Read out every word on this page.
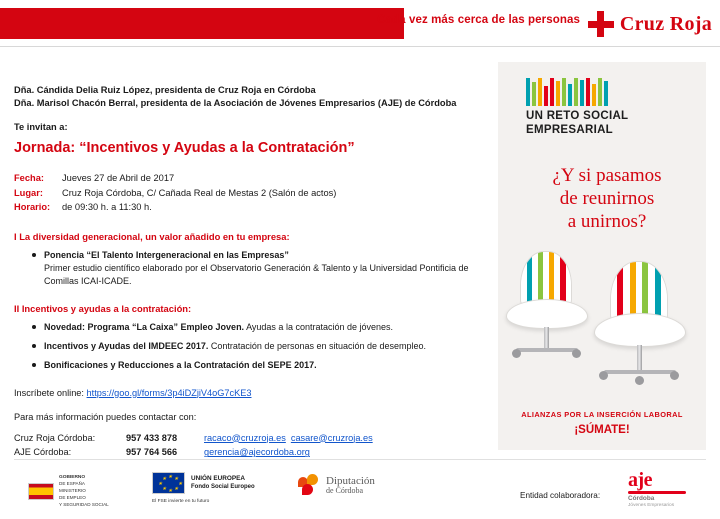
Cada vez más cerca de las personas Cruz Roja
Dña. Cándida Delia Ruiz López, presidenta de Cruz Roja en Córdoba
Dña. Marisol Chacón Berral, presidenta de la Asociación de Jóvenes Empresarios (AJE) de Córdoba
Te invitan a:
Jornada: “Incentivos y Ayudas a la Contratación”
Fecha: Jueves 27 de Abril de 2017
Lugar: Cruz Roja Córdoba, C/ Cañada Real de Mestas 2 (Salón de actos)
Horario: de 09:30 h. a 11:30 h.
I La diversidad generacional, un valor añadido en tu empresa:
Ponencia “El Talento Intergeneracional en las Empresas”
Primer estudio científico elaborado por el Observatorio Generación & Talento y la Universidad Pontificia de Comillas ICAI-ICADE.
II Incentivos y ayudas a la contratación:
Novedad: Programa “La Caixa” Empleo Joven. Ayudas a la contratación de jóvenes.
Incentivos y Ayudas del IMDEEC 2017. Contratación de personas en situación de desempleo.
Bonificaciones y Reducciones a la Contratación del SEPE 2017.
Inscríbete online: https://goo.gl/forms/3p4iDZjiV4oG7cKE3
Para más información puedes contactar con:
Cruz Roja Córdoba:	957 433 878	racaco@cruzroja.es casare@cruzroja.es
AJE Córdoba:	957 764 566	gerencia@ajecordoba.org
UN RETO SOCIAL
EMPRESARIAL
¿Y si pasamos
de reunirnos
a unirnos?
ALIANZAS POR LA INSERCIÓN LABORAL
¡SÚMATE!
GOBIERNO
DE ESPAÑA
MINISTERIO
DE EMPLEO
Y SEGURIDAD SOCIAL
★ ★
★
★
★
★
★
★	UNIÓN EUROPEA
Fondo Social Europeo
El FSE invierte en tu futuro
Diputación
de Córdoba
Entidad colaboradora:
aje
Córdoba
Jóvenes Empresarios
